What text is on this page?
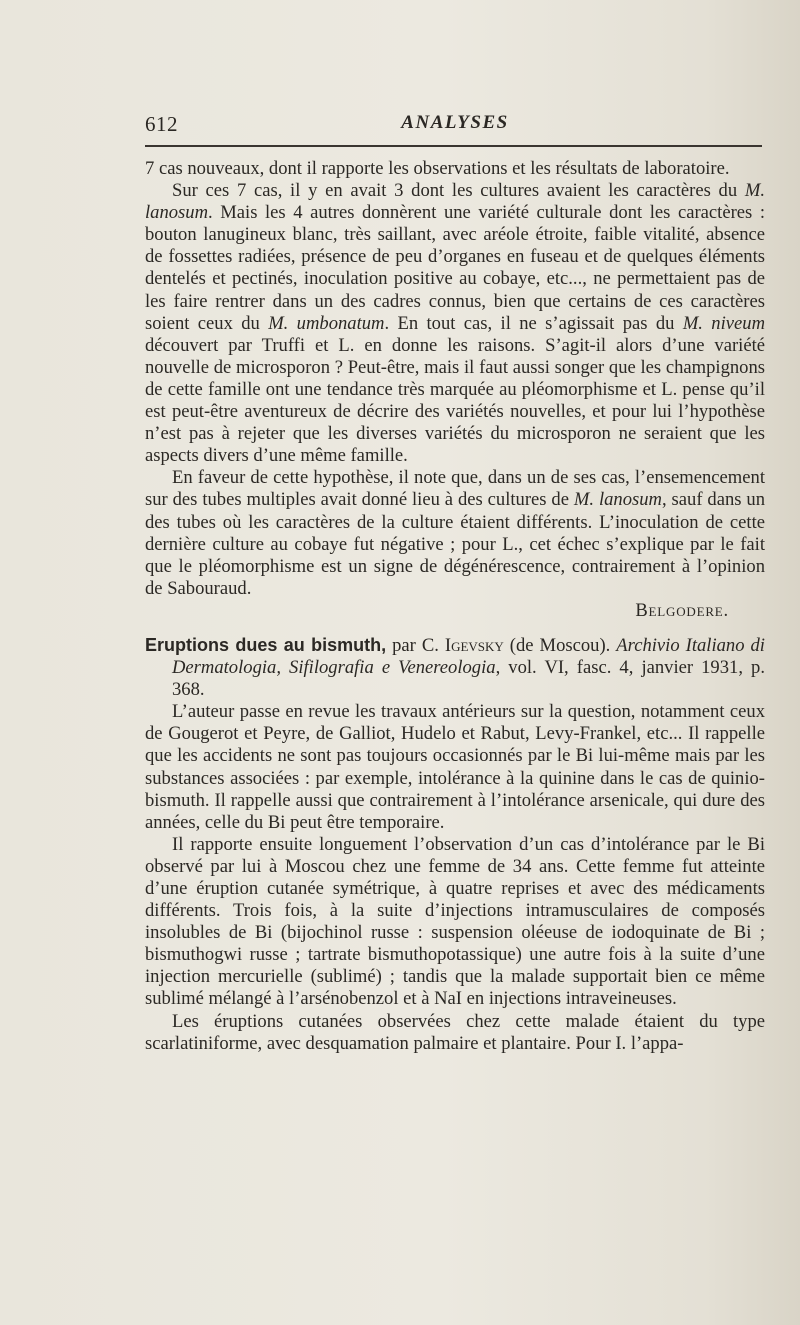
612	ANALYSES

7 cas nouveaux, dont il rapporte les observations et les résultats de laboratoire.

Sur ces 7 cas, il y en avait 3 dont les cultures avaient les caractères du M. lanosum. Mais les 4 autres donnèrent une variété culturale dont les caractères : bouton lanugineux blanc, très saillant, avec aréole étroite, faible vitalité, absence de fossettes radiées, présence de peu d’organes en fuseau et de quelques éléments dentelés et pectinés, inoculation positive au cobaye, etc..., ne permettaient pas de les faire rentrer dans un des cadres connus, bien que certains de ces caractères soient ceux du M. umbonatum. En tout cas, il ne s’agissait pas du M. niveum découvert par Truffi et L. en donne les raisons. S’agit-il alors d’une variété nouvelle de microsporon ? Peut-être, mais il faut aussi songer que les champignons de cette famille ont une tendance très marquée au pléomorphisme et L. pense qu’il est peut-être aventureux de décrire des variétés nouvelles, et pour lui l’hypothèse n’est pas à rejeter que les diverses variétés du microsporon ne seraient que les aspects divers d’une même famille.

En faveur de cette hypothèse, il note que, dans un de ses cas, l’ensemencement sur des tubes multiples avait donné lieu à des cultures de M. lanosum, sauf dans un des tubes où les caractères de la culture étaient différents. L’inoculation de cette dernière culture au cobaye fut négative ; pour L., cet échec s’explique par le fait que le pléomorphisme est un signe de dégénérescence, contrairement à l’opinion de Sabouraud.

Belgodere.

Eruptions dues au bismuth, par C. Igevsky (de Moscou). Archivio Italiano di Dermatologia, Sifilografia e Venereologia, vol. VI, fasc. 4, janvier 1931, p. 368.

L’auteur passe en revue les travaux antérieurs sur la question, notamment ceux de Gougerot et Peyre, de Galliot, Hudelo et Rabut, Levy-Frankel, etc... Il rappelle que les accidents ne sont pas toujours occasionnés par le Bi lui-même mais par les substances associées : par exemple, intolérance à la quinine dans le cas de quinio-bismuth. Il rappelle aussi que contrairement à l’intolérance arsenicale, qui dure des années, celle du Bi peut être temporaire.

Il rapporte ensuite longuement l’observation d’un cas d’intolérance par le Bi observé par lui à Moscou chez une femme de 34 ans. Cette femme fut atteinte d’une éruption cutanée symétrique, à quatre reprises et avec des médicaments différents. Trois fois, à la suite d’injections intramusculaires de composés insolubles de Bi (bijochinol russe : suspension oléeuse de iodoquinate de Bi ; bismuthogwi russe ; tartrate bismuthopotassique) une autre fois à la suite d’une injection mercurielle (sublimé) ; tandis que la malade supportait bien ce même sublimé mélangé à l’arsénobenzol et à NaI en injections intraveineuses.

Les éruptions cutanées observées chez cette malade étaient du type scarlatiniforme, avec desquamation palmaire et plantaire. Pour I. l’appa-
